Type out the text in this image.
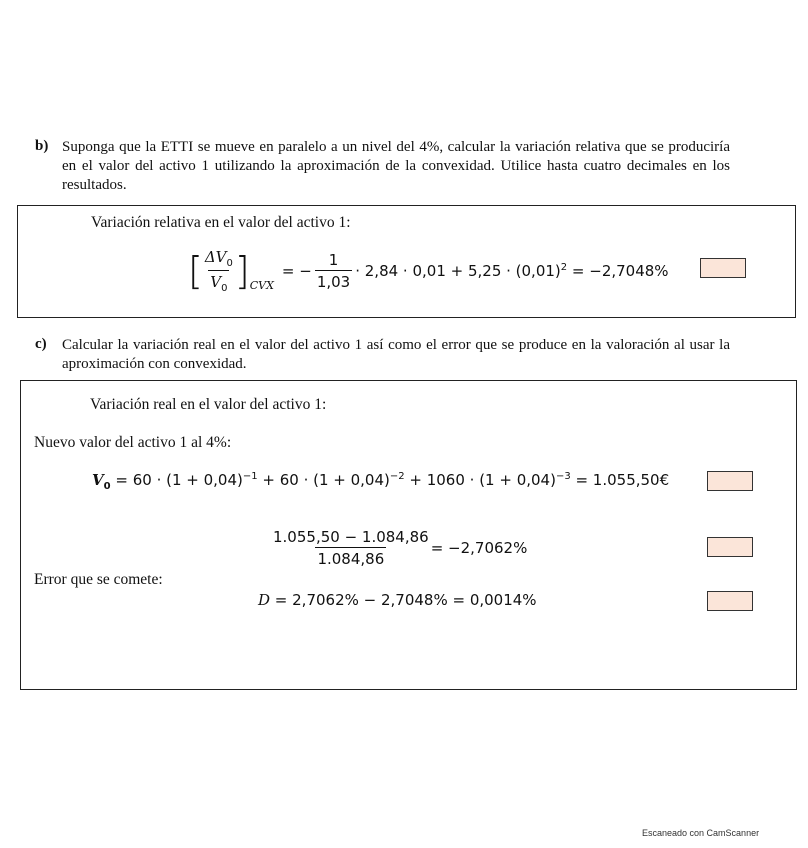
b) Suponga que la ETTI se mueve en paralelo a un nivel del 4%, calcular la variación relativa que se produciría en el valor del activo 1 utilizando la aproximación de la convexidad. Utilice hasta cuatro decimales en los resultados.
Variación relativa en el valor del activo 1:
[ $\frac{\Delta V_0}{V_0}$ ] CVX
= − $\frac{1}{1,03} \cdot 2,84 \cdot 0,01 + 5,25 \cdot (0,01)^2 = -2,7048\%$
c) Calcular la variación real en el valor del activo 1 así como el error que se produce en la valoración al usar la aproximación con convexidad.
Variación real en el valor del activo 1:
Nuevo valor del activo 1 al 4%:
$V_0 = 60 \cdot (1 + 0,04)^{-1} + 60 \cdot (1 + 0,04)^{-2} + 1060 \cdot (1 + 0,04)^{-3}$ = 1.055,50€
$\frac{1.055,50 - 1.084,86}{1.084,86} = -2,7062\%$
Error que se comete:
D = 2,7062% − 2,7048% = 0,0014%
Escaneado con CamScanner
